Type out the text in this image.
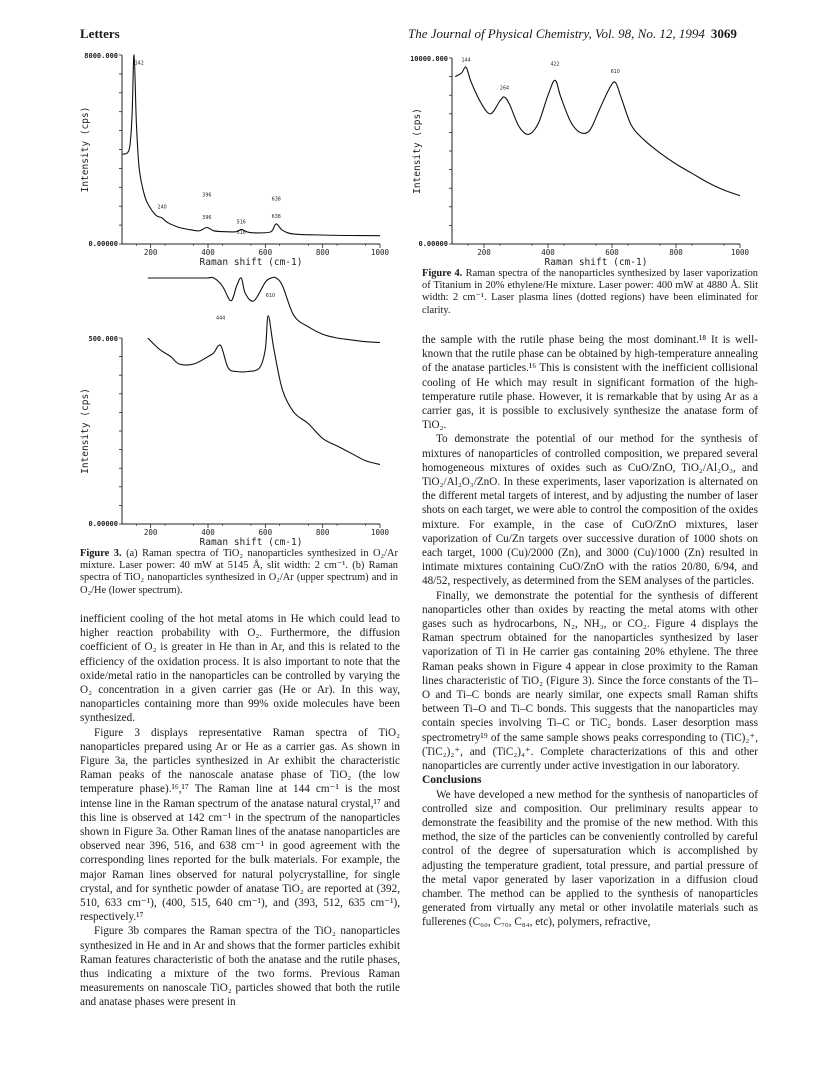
Letters	The Journal of Physical Chemistry, Vol. 98, No. 12, 1994 3069
200	400	600	800	1000
8000.000
0.00000
Raman shift (cm-1)
Intensity (cps)
142
240
396
516
638
200	400	600	800	1000
500.000
0.00000
Raman shift (cm-1)
Intensity (cps)
396
516
638
444
610
200	400	600	800	1000
10000.000
0.00000
Raman shift (cm-1)
Intensity (cps)
144
264
422
610
Figure 4. Raman spectra of the nanoparticles synthesized by laser vaporization of Titanium in 20% ethylene/He mixture. Laser power: 400 mW at 4880 Å. Slit width: 2 cm⁻¹. Laser plasma lines (dotted regions) have been eliminated for clarity.
Figure 3. (a) Raman spectra of TiO₂ nanoparticles synthesized in O₂/Ar mixture. Laser power: 40 mW at 5145 Å, slit width: 2 cm⁻¹. (b) Raman spectra of TiO₂ nanoparticles synthesized in O₂/Ar (upper spectrum) and in O₂/He (lower spectrum).

inefficient cooling of the hot metal atoms in He which could lead to higher reaction probability with O₂. Furthermore, the diffusion coefficient of O₂ is greater in He than in Ar, and this is related to the efficiency of the oxidation process. It is also important to note that the oxide/metal ratio in the nanoparticles can be controlled by varying the O₂ concentration in a given carrier gas (He or Ar). In this way, nanoparticles containing more than 99% oxide molecules have been synthesized.

Figure 3 displays representative Raman spectra of TiO₂ nanoparticles prepared using Ar or He as a carrier gas. As shown in Figure 3a, the particles synthesized in Ar exhibit the characteristic Raman peaks of the nanoscale anatase phase of TiO₂ (the low temperature phase).¹⁶,¹⁷ The Raman line at 144 cm⁻¹ is the most intense line in the Raman spectrum of the anatase natural crystal,¹⁷ and this line is observed at 142 cm⁻¹ in the spectrum of the nanoparticles shown in Figure 3a. Other Raman lines of the anatase nanoparticles are observed near 396, 516, and 638 cm⁻¹ in good agreement with the corresponding lines reported for the bulk materials. For example, the major Raman lines observed for natural polycrystalline, for single crystal, and for synthetic powder of anatase TiO₂ are reported at (392, 510, 633 cm⁻¹), (400, 515, 640 cm⁻¹), and (393, 512, 635 cm⁻¹), respectively.¹⁷

Figure 3b compares the Raman spectra of the TiO₂ nanoparticles synthesized in He and in Ar and shows that the former particles exhibit Raman features characteristic of both the anatase and the rutile phases, thus indicating a mixture of the two forms. Previous Raman measurements on nanoscale TiO₂ particles showed that both the rutile and anatase phases were present in

the sample with the rutile phase being the most dominant.¹⁸ It is well-known that the rutile phase can be obtained by high-temperature annealing of the anatase particles.¹⁶ This is consistent with the inefficient collisional cooling of He which may result in significant formation of the high-temperature rutile phase. However, it is remarkable that by using Ar as a carrier gas, it is possible to exclusively synthesize the anatase form of TiO₂.

To demonstrate the potential of our method for the synthesis of mixtures of nanoparticles of controlled composition, we prepared several homogeneous mixtures of oxides such as CuO/ZnO, TiO₂/Al₂O₃, and TiO₂/Al₂O₃/ZnO. In these experiments, laser vaporization is alternated on the different metal targets of interest, and by adjusting the number of laser shots on each target, we were able to control the composition of the oxides mixture. For example, in the case of CuO/ZnO mixtures, laser vaporization of Cu/Zn targets over successive duration of 1000 shots on each target, 1000 (Cu)/2000 (Zn), and 3000 (Cu)/1000 (Zn) resulted in intimate mixtures containing CuO/ZnO with the ratios 20/80, 6/94, and 48/52, respectively, as determined from the SEM analyses of the particles.

Finally, we demonstrate the potential for the synthesis of different nanoparticles other than oxides by reacting the metal atoms with other gases such as hydrocarbons, N₂, NH₃, or CO₂. Figure 4 displays the Raman spectrum obtained for the nanoparticles synthesized by laser vaporization of Ti in He carrier gas containing 20% ethylene. The three Raman peaks shown in Figure 4 appear in close proximity to the Raman lines characteristic of TiO₂ (Figure 3). Since the force constants of the Ti–O and Ti–C bonds are nearly similar, one expects small Raman shifts between Ti–O and Ti–C bonds. This suggests that the nanoparticles may contain species involving Ti–C or TiC₂ bonds. Laser desorption mass spectrometry¹⁹ of the same sample shows peaks corresponding to (TiC)₂⁺, (TiC₂)₂⁺, and (TiC₂)₄⁺. Complete characterizations of this and other nanoparticles are currently under active investigation in our laboratory.

Conclusions

We have developed a new method for the synthesis of nanoparticles of controlled size and composition. Our preliminary results appear to demonstrate the feasibility and the promise of the new method. With this method, the size of the particles can be conveniently controlled by careful control of the degree of supersaturation which is accomplished by adjusting the temperature gradient, total pressure, and partial pressure of the metal vapor generated by laser vaporization in a diffusion cloud chamber. The method can be applied to the synthesis of nanoparticles generated from virtually any metal or other involatile materials such as fullerenes (C₆₀, C₇₀, C₈₄, etc), polymers, refractive,
